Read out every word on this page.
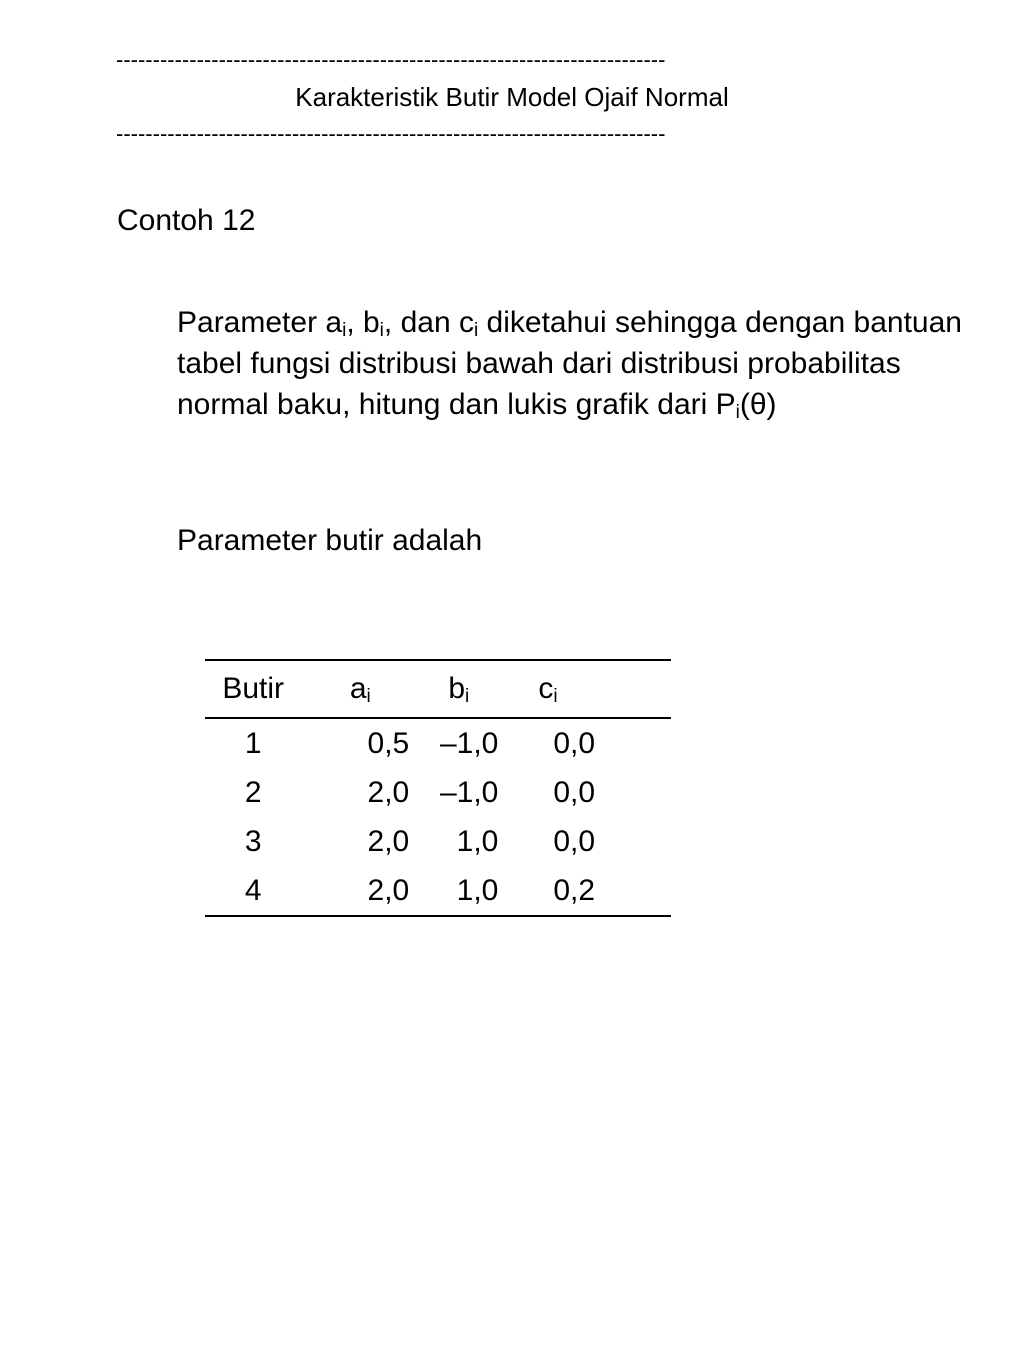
---------------------------------------------------------------------------
Karakteristik Butir Model Ojaif Normal
---------------------------------------------------------------------------
Contoh 12
Parameter $a_i$, $b_i$, dan $c_i$ diketahui sehingga dengan bantuan tabel fungsi distribusi bawah dari distribusi probabilitas normal baku, hitung dan lukis grafik dari $P_i(\theta)$
Parameter butir adalah
Butir	$a_i$	$b_i$	$c_i$
1	0,5	–1,0	0,0
2	2,0	–1,0	0,0
3	2,0	1,0	0,0
4	2,0	1,0	0,2
